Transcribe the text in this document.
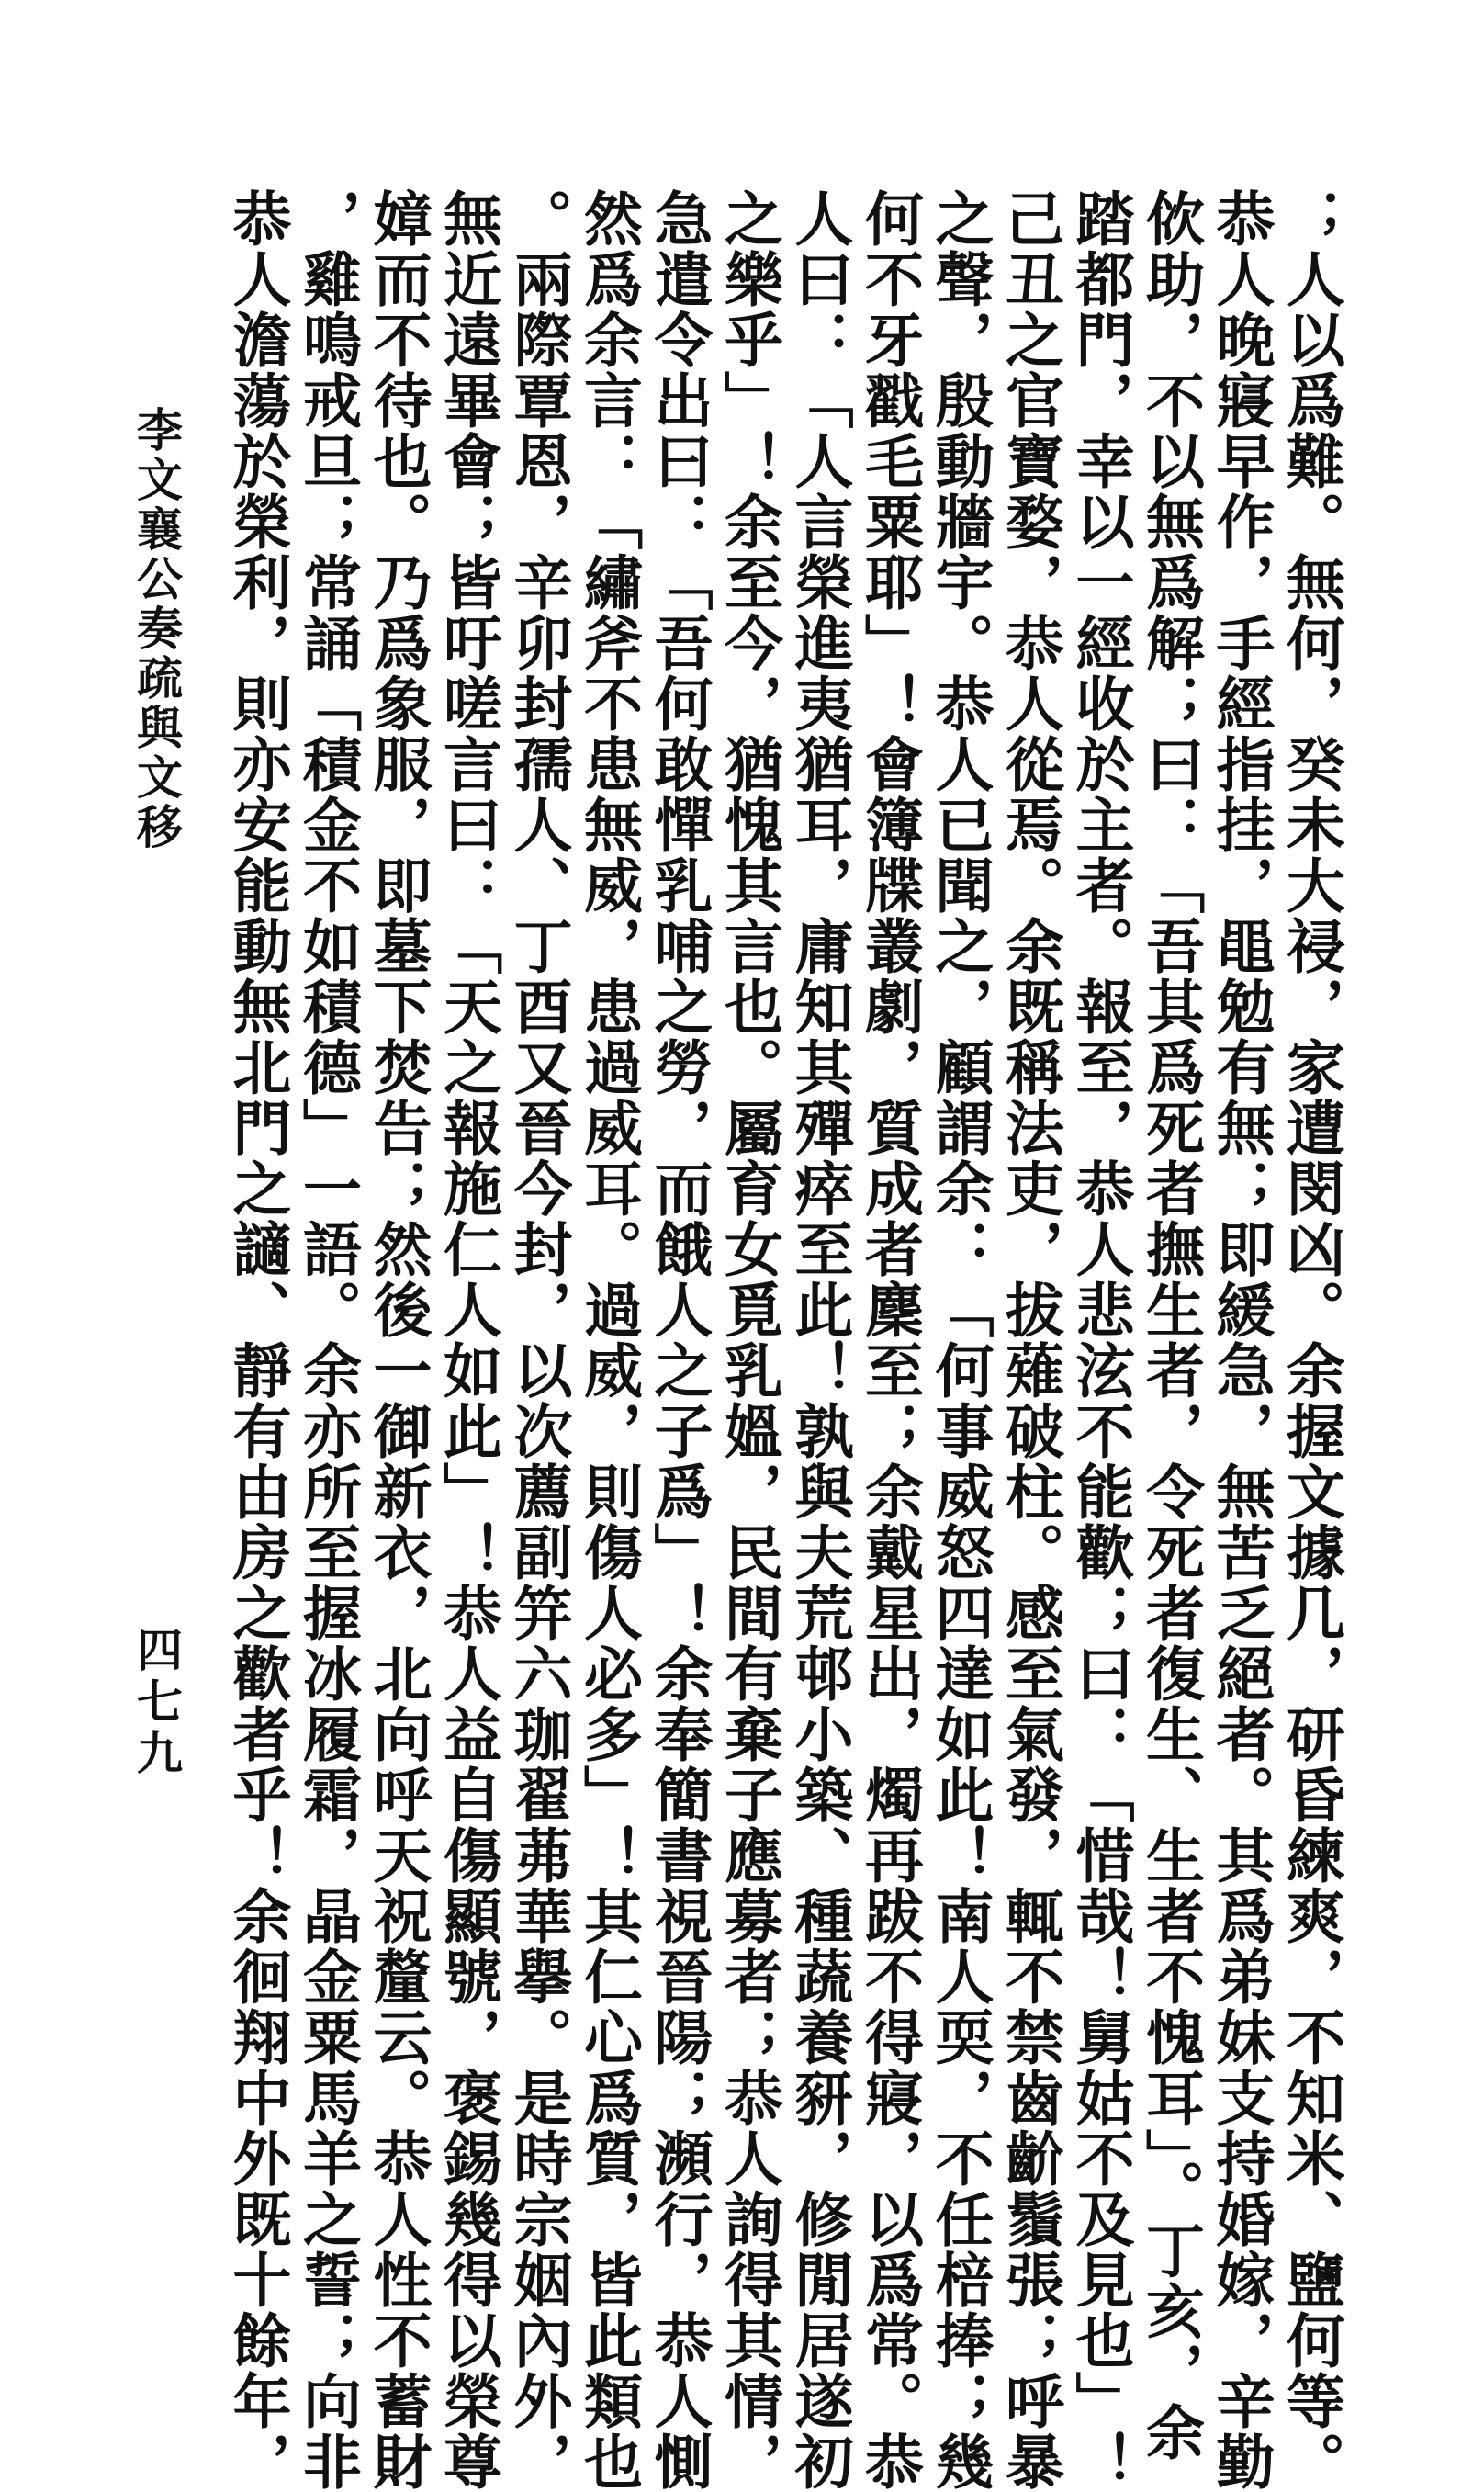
；人以爲難。無何，癸未大祲，家遭閔凶。余握文據几，研昏練爽，不知米、鹽何等。
恭人晚寢早作，手經指挂，黽勉有無；即緩急，無苦乏絕者。其爲弟妹支持婚嫁，辛勤
佽助，不以無爲解；曰：「吾其爲死者撫生者，令死者復生、生者不愧耳」。丁亥，余
踏都門，幸以一經收於主者。報至，恭人悲泫不能歡；曰：「惜哉！舅姑不及見也」！
己丑之官寶婺，恭人從焉。余既稱法吏，拔薙破柱。感至氣發，輒不禁齒齘鬚張；呼暴
之聲，殷動牆宇。恭人已聞之，顧謂余：「何事威怒四達如此！南人耎，不任棓捧；幾
何不牙戳毛粟耶」！會簿牒叢劇，質成者麇至；余戴星出，燭再跋不得寢，以爲常。恭
人曰：「人言榮進夷猶耳，庸知其殫瘁至此！孰與夫荒邨小築、種蔬養豜，修閒居遂初
之樂乎」！余至今，猶愧其言也。屬育女覓乳媼，民間有棄子應募者；恭人詢得其情，
急遣令出曰：「吾何敢憚乳哺之勞，而餓人之子爲」！余奉簡書視晉陽；瀕行，恭人惻
然爲余言：「繡斧不患無威，患過威耳。過威，則傷人必多」！其仁心爲質，皆此類也
。兩際覃恩，辛卯封孺人、丁酉又晉今封，以次薦副笄六珈翟茀華擧。是時宗姻內外，
無近遠畢會；皆吁嗟言曰：「天之報施仁人如此」！恭人益自傷顯號，褒錫幾得以榮尊
嫜而不待也。乃爲象服，即墓下焚告；然後一御新衣，北向呼天祝釐云。恭人性不蓄財
，雞鳴戒旦；常誦「積金不如積德」一語。余亦所至握冰履霜，晶金粟馬羊之誓；向非
恭人澹蕩於榮利，則亦安能動無北門之讁、靜有由房之歡者乎！余徊翔中外既十餘年，
李文襄公奏疏與文移
四七九
